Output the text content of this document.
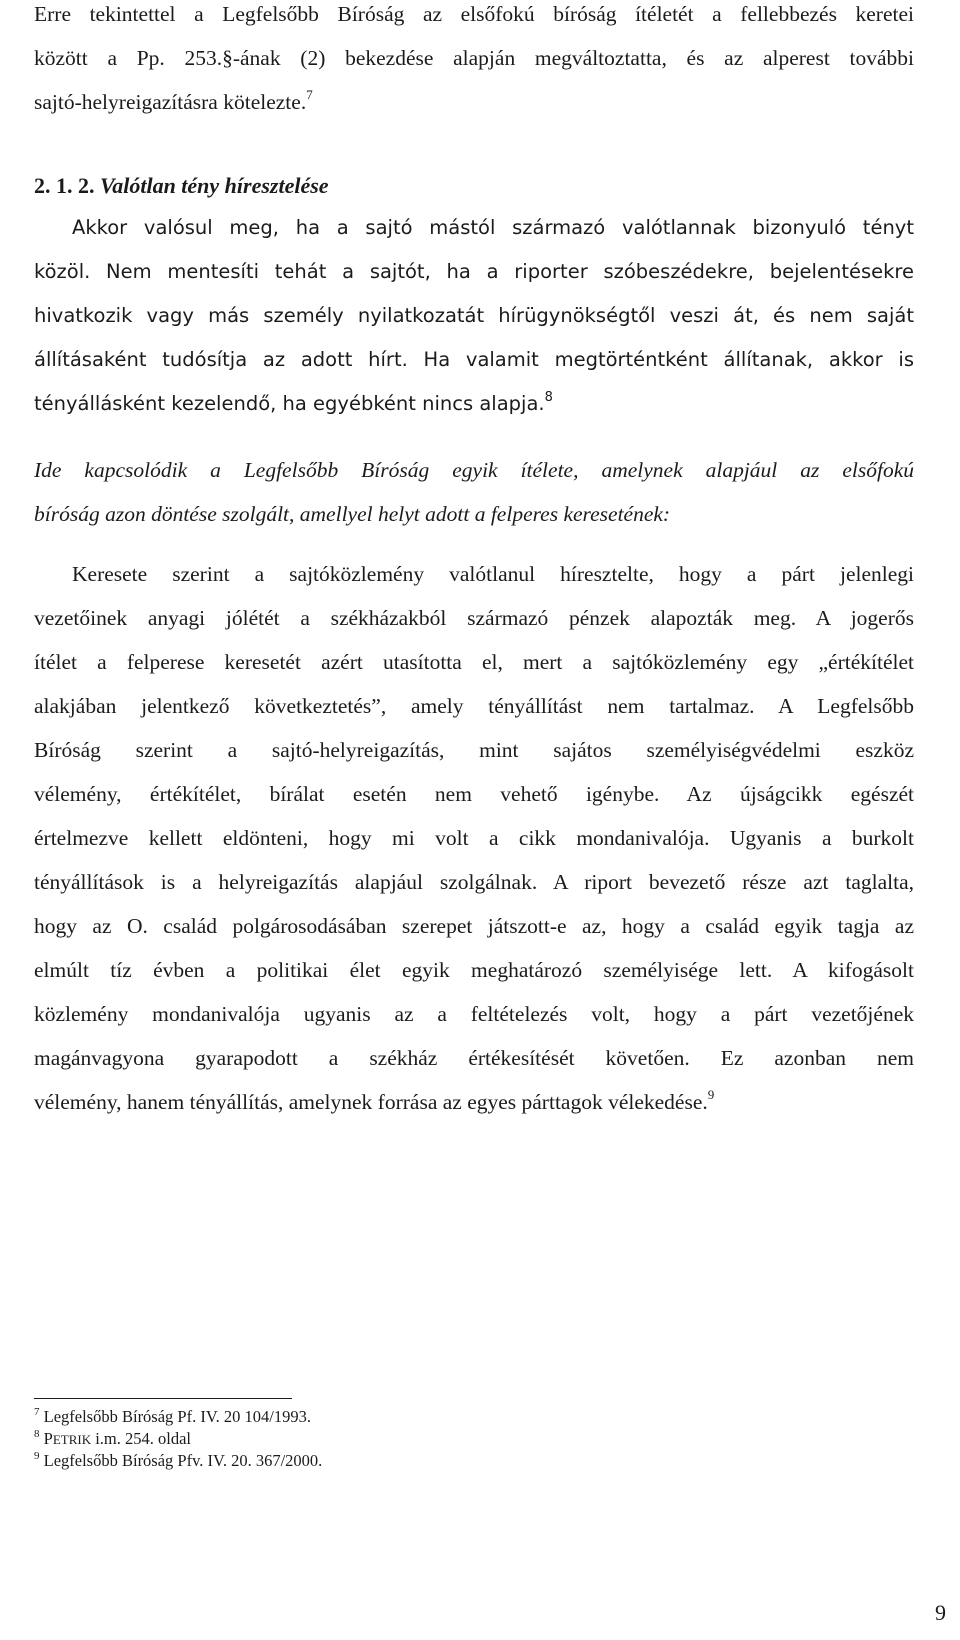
Erre tekintettel a Legfelsőbb Bíróság az elsőfokú bíróság ítéletét a fellebbezés keretei
között a Pp. 253.§-ának (2) bekezdése alapján megváltoztatta, és az alperest további
sajtó-helyreigazításra kötelezte.$^7$
2. 1. 2. Valótlan tény híresztelése
Akkor valósul meg, ha a sajtó mástól származó valótlannak bizonyuló tényt
közöl. Nem mentesíti tehát a sajtót, ha a riporter szóbeszédekre, bejelentésekre
hivatkozik vagy más személy nyilatkozatát hírügynökségtől veszi át, és nem saját
állításaként tudósítja az adott hírt. Ha valamit megtörténtként állítanak, akkor is
tényállásként kezelendő, ha egyébként nincs alapja.$^8$
Ide kapcsolódik a Legfelsőbb Bíróság egyik ítélete, amelynek alapjául az elsőfokú
bíróság azon döntése szolgált, amellyel helyt adott a felperes keresetének:
Keresete szerint a sajtóközlemény valótlanul híresztelte, hogy a párt jelenlegi
vezetőinek anyagi jólétét a székházakból származó pénzek alapozták meg. A jogerős
ítélet a felperese keresetét azért utasította el, mert a sajtóközlemény egy „értékítélet
alakjában jelentkező következtetés”, amely tényállítást nem tartalmaz. A Legfelsőbb
Bíróság szerint a sajtó-helyreigazítás, mint sajátos személyiségvédelmi eszköz
vélemény, értékítélet, bírálat esetén nem vehető igénybe. Az újságcikk egészét
értelmezve kellett eldönteni, hogy mi volt a cikk mondanivalója. Ugyanis a burkolt
tényállítások is a helyreigazítás alapjául szolgálnak. A riport bevezető része azt taglalta,
hogy az O. család polgárosodásában szerepet játszott-e az, hogy a család egyik tagja az
elmúlt tíz évben a politikai élet egyik meghatározó személyisége lett. A kifogásolt
közlemény mondanivalója ugyanis az a feltételezés volt, hogy a párt vezetőjének
magánvagyona gyarapodott a székház értékesítését követően. Ez azonban nem
vélemény, hanem tényállítás, amelynek forrása az egyes párttagok vélekedése.$^9$
$^7$ Legfelsőbb Bíróság Pf. IV. 20 104/1993.
$^8$ PETRIK i.m. 254. oldal
$^9$ Legfelsőbb Bíróság Pfv. IV. 20. 367/2000.
9
